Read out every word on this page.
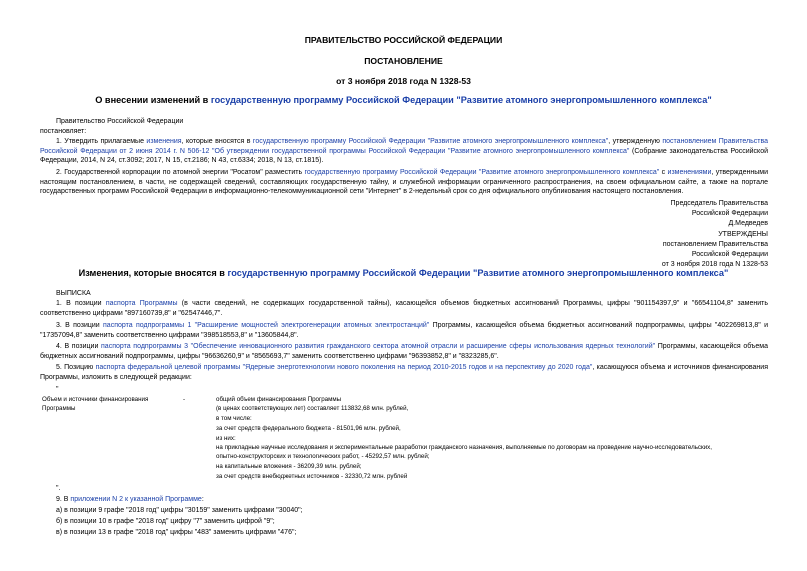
ПРАВИТЕЛЬСТВО РОССИЙСКОЙ ФЕДЕРАЦИИ
ПОСТАНОВЛЕНИЕ
от 3 ноября 2018 года N 1328-53
О внесении изменений в государственную программу Российской Федерации "Развитие атомного энергопромышленного комплекса"
Правительство Российской Федерации
постановляет:
1. Утвердить прилагаемые изменения, которые вносятся в государственную программу Российской Федерации "Развитие атомного энергопромышленного комплекса", утвержденную постановлением Правительства Российской Федерации от 2 июня 2014 г. N 506-12 "Об утверждении государственной программы Российской Федерации "Развитие атомного энергопромышленного комплекса" (Собрание законодательства Российской Федерации, 2014, N 24, ст.3092; 2017, N 15, ст.2186; N 43, ст.6334; 2018, N 13, ст.1815).
2. Государственной корпорации по атомной энергии "Росатом" разместить государственную программу Российской Федерации "Развитие атомного энергопромышленного комплекса" с изменениями, утвержденными настоящим постановлением, в части, не содержащей сведений, составляющих государственную тайну, и служебной информации ограниченного распространения, на своем официальном сайте, а также на портале государственных программ Российской Федерации в информационно-телекоммуникационной сети "Интернет" в 2-недельный срок со дня официального опубликования настоящего постановления.
Председатель Правительства
Российской Федерации
Д.Медведев
УТВЕРЖДЕНЫ
постановлением Правительства
Российской Федерации
от 3 ноября 2018 года N 1328-53
Изменения, которые вносятся в государственную программу Российской Федерации "Развитие атомного энергопромышленного комплекса"
ВЫПИСКА
1. В позиции паспорта Программы (в части сведений, не содержащих государственной тайны), касающейся объемов бюджетных ассигнований Программы, цифры "901154397,9" и "66541104,8" заменить соответственно цифрами "897160739,8" и "62547446,7".
3. В позиции паспорта подпрограммы 1 "Расширение мощностей электрогенерации атомных электростанций" Программы, касающейся объема бюджетных ассигнований подпрограммы, цифры "402269813,8" и "17357094,8" заменить соответственно цифрами "398518553,8" и "13605844,8".
4. В позиции паспорта подпрограммы 3 "Обеспечение инновационного развития гражданского сектора атомной отрасли и расширение сферы использования ядерных технологий" Программы, касающейся объема бюджетных ассигнований подпрограммы, цифры "96636260,9" и "8565693,7" заменить соответственно цифрами "96393852,8" и "8323285,6".
5. Позицию паспорта федеральной целевой программы "Ядерные энерготехнологии нового поколения на период 2010-2015 годов и на перспективу до 2020 года", касающуюся объема и источников финансирования Программы, изложить в следующей редакции:
"
Объем и источники финансирования
Программы
-	общий объем финансирования Программы
(в ценах соответствующих лет) составляет 113832,68 млн. рублей,
в том числе:
за счет средств федерального бюджета - 81501,96 млн. рублей,
из них:
на прикладные научные исследования и экспериментальные разработки гражданского назначения, выполняемые по договорам на проведение научно-исследовательских,
опытно-конструкторских и технологических работ, - 45292,57 млн. рублей;
на капитальные вложения - 36209,39 млн. рублей;
за счет средств внебюджетных источников - 32330,72 млн. рублей
".
9. В приложении N 2 к указанной Программе:
а) в позиции 9 графе "2018 год" цифры "30159" заменить цифрами "30040";
б) в позиции 10 в графе "2018 год" цифру "7" заменить цифрой "9";
в) в позиции 13 в графе "2018 год" цифры "483" заменить цифрами "476";
